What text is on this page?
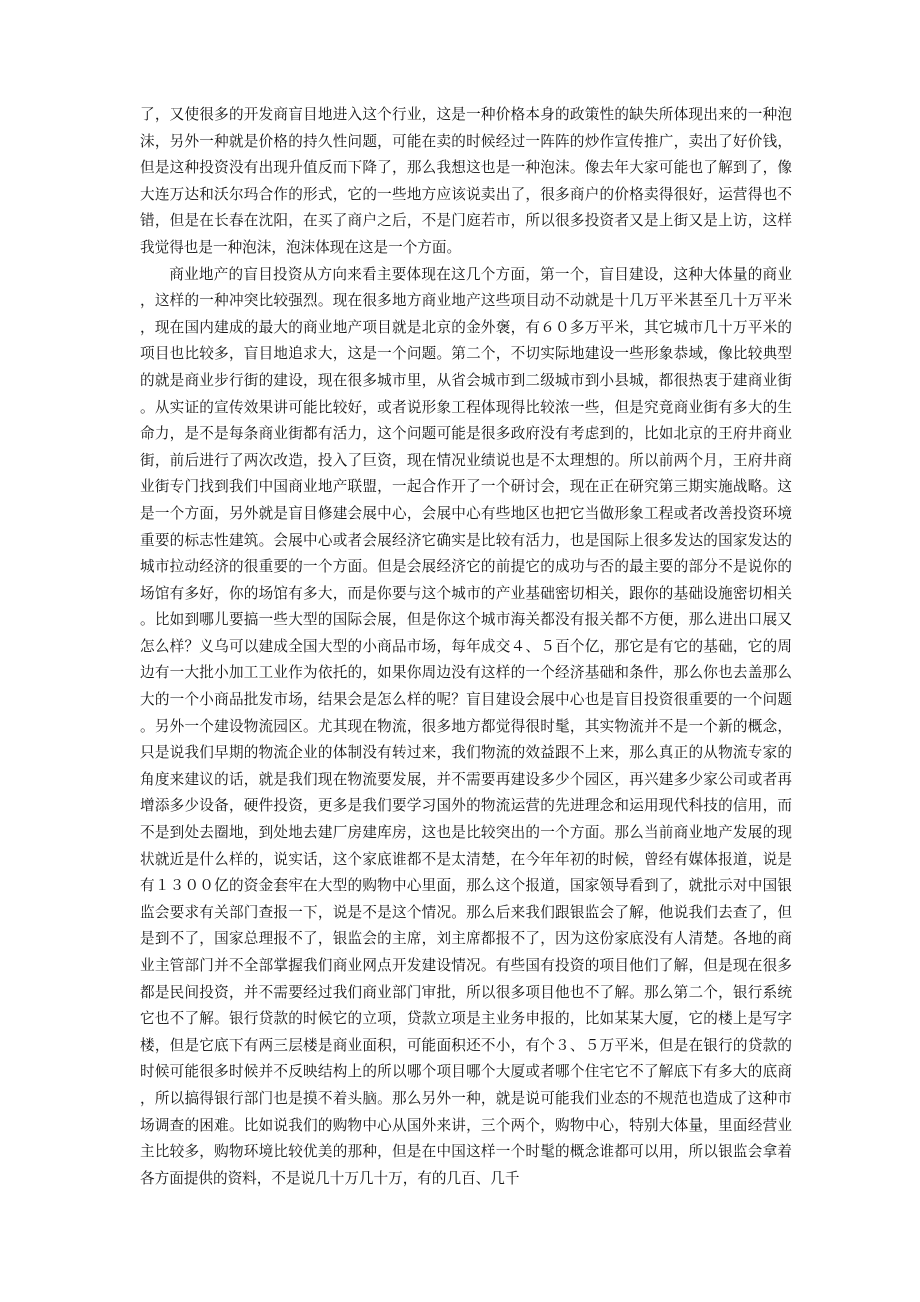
了，又使很多的开发商盲目地进入这个行业，这是一种价格本身的政策性的缺失所体现出来的一种泡沫，另外一种就是价格的持久性问题，可能在卖的时候经过一阵阵的炒作宣传推广，卖出了好价钱，但是这种投资没有出现升值反而下降了，那么我想这也是一种泡沫。像去年大家可能也了解到了，像大连万达和沃尔玛合作的形式，它的一些地方应该说卖出了，很多商户的价格卖得很好，运营得也不错，但是在长春在沈阳，在买了商户之后，不是门庭若市，所以很多投资者又是上街又是上访，这样我觉得也是一种泡沫，泡沫体现在这是一个方面。

商业地产的盲目投资从方向来看主要体现在这几个方面，第一个，盲目建设，这种大体量的商业，这样的一种冲突比较强烈。现在很多地方商业地产这些项目动不动就是十几万平米甚至几十万平米，现在国内建成的最大的商业地产项目就是北京的金外褒，有６０多万平米，其它城市几十万平米的项目也比较多，盲目地追求大，这是一个问题。第二个，不切实际地建设一些形象恭域，像比较典型的就是商业步行街的建设，现在很多城市里，从省会城市到二级城市到小县城，都很热衷于建商业街。从实证的宣传效果讲可能比较好，或者说形象工程体现得比较浓一些，但是究竟商业街有多大的生命力，是不是每条商业街都有活力，这个问题可能是很多政府没有考虑到的，比如北京的王府井商业街，前后进行了两次改造，投入了巨资，现在情况业绩说也是不太理想的。所以前两个月，王府井商业街专门找到我们中国商业地产联盟，一起合作开了一个研讨会，现在正在研究第三期实施战略。这是一个方面，另外就是盲目修建会展中心，会展中心有些地区也把它当做形象工程或者改善投资环境重要的标志性建筑。会展中心或者会展经济它确实是比较有活力，也是国际上很多发达的国家发达的城市拉动经济的很重要的一个方面。但是会展经济它的前提它的成功与否的最主要的部分不是说你的场馆有多好，你的场馆有多大，而是你要与这个城市的产业基础密切相关，跟你的基础设施密切相关。比如到哪儿要搞一些大型的国际会展，但是你这个城市海关都没有报关都不方便，那么进出口展又怎么样？义乌可以建成全国大型的小商品市场，每年成交４、５百个亿，那它是有它的基础，它的周边有一大批小加工工业作为依托的，如果你周边没有这样的一个经济基础和条件，那么你也去盖那么大的一个小商品批发市场，结果会是怎么样的呢？盲目建设会展中心也是盲目投资很重要的一个问题。另外一个建设物流园区。尤其现在物流，很多地方都觉得很时髦，其实物流并不是一个新的概念，只是说我们早期的物流企业的体制没有转过来，我们物流的效益跟不上来，那么真正的从物流专家的角度来建议的话，就是我们现在物流要发展，并不需要再建设多少个园区，再兴建多少家公司或者再增添多少设备，硬件投资，更多是我们要学习国外的物流运营的先进理念和运用现代科技的信用，而不是到处去圈地，到处地去建厂房建库房，这也是比较突出的一个方面。那么当前商业地产发展的现状就近是什么样的，说实话，这个家底谁都不是太清楚，在今年年初的时候，曾经有媒体报道，说是有１３００亿的资金套牢在大型的购物中心里面，那么这个报道，国家领导看到了，就批示对中国银监会要求有关部门查报一下，说是不是这个情况。那么后来我们跟银监会了解，他说我们去查了，但是到不了，国家总理报不了，银监会的主席，刘主席都报不了，因为这份家底没有人清楚。各地的商业主管部门并不全部掌握我们商业网点开发建设情况。有些国有投资的项目他们了解，但是现在很多都是民间投资，并不需要经过我们商业部门审批，所以很多项目他也不了解。那么第二个，银行系统它也不了解。银行贷款的时候它的立项，贷款立项是主业务申报的，比如某某大厦，它的楼上是写字楼，但是它底下有两三层楼是商业面积，可能面积还不小，有个３、５万平米，但是在银行的贷款的时候可能很多时候并不反映结构上的所以哪个项目哪个大厦或者哪个住宅它不了解底下有多大的底商，所以搞得银行部门也是摸不着头脑。那么另外一种，就是说可能我们业态的不规范也造成了这种市场调查的困难。比如说我们的购物中心从国外来讲，三个两个，购物中心，特别大体量，里面经营业主比较多，购物环境比较优美的那种，但是在中国这样一个时髦的概念谁都可以用，所以银监会拿着各方面提供的资料，不是说几十万几十万，有的几百、几千
